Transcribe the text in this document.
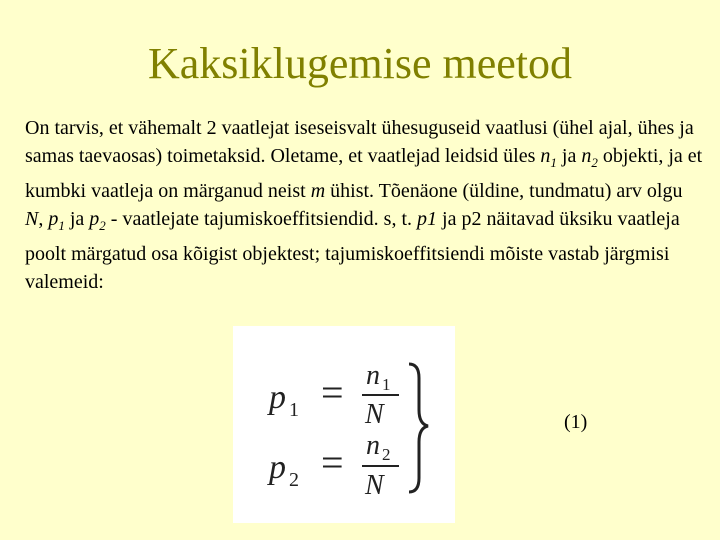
Kaksiklugemise meetod
On tarvis, et vähemalt 2 vaatlejat iseseisvalt ühesuguseid vaatlusi (ühel ajal, ühes ja samas taevaosas) toimetaksid. Oletame, et vaatlejad leidsid üles $n_1$ ja $n_2$ objekti, ja et kumbki vaatleja on märganud neist m ühist. Tõenäone (üldine, tundmatu) arv olgu N, $p_1$ ja $p_2$ - vaatlejate tajumiskoeffitsiendid. s, t. p1 ja p2 näitavad üksiku vaatleja poolt märgatud osa kõigist objektest; tajumiskoeffitsiendi mõiste vastab järgmisi valemeid:
p 1 = n 1
N
p 2 = n 2
N
(1)
